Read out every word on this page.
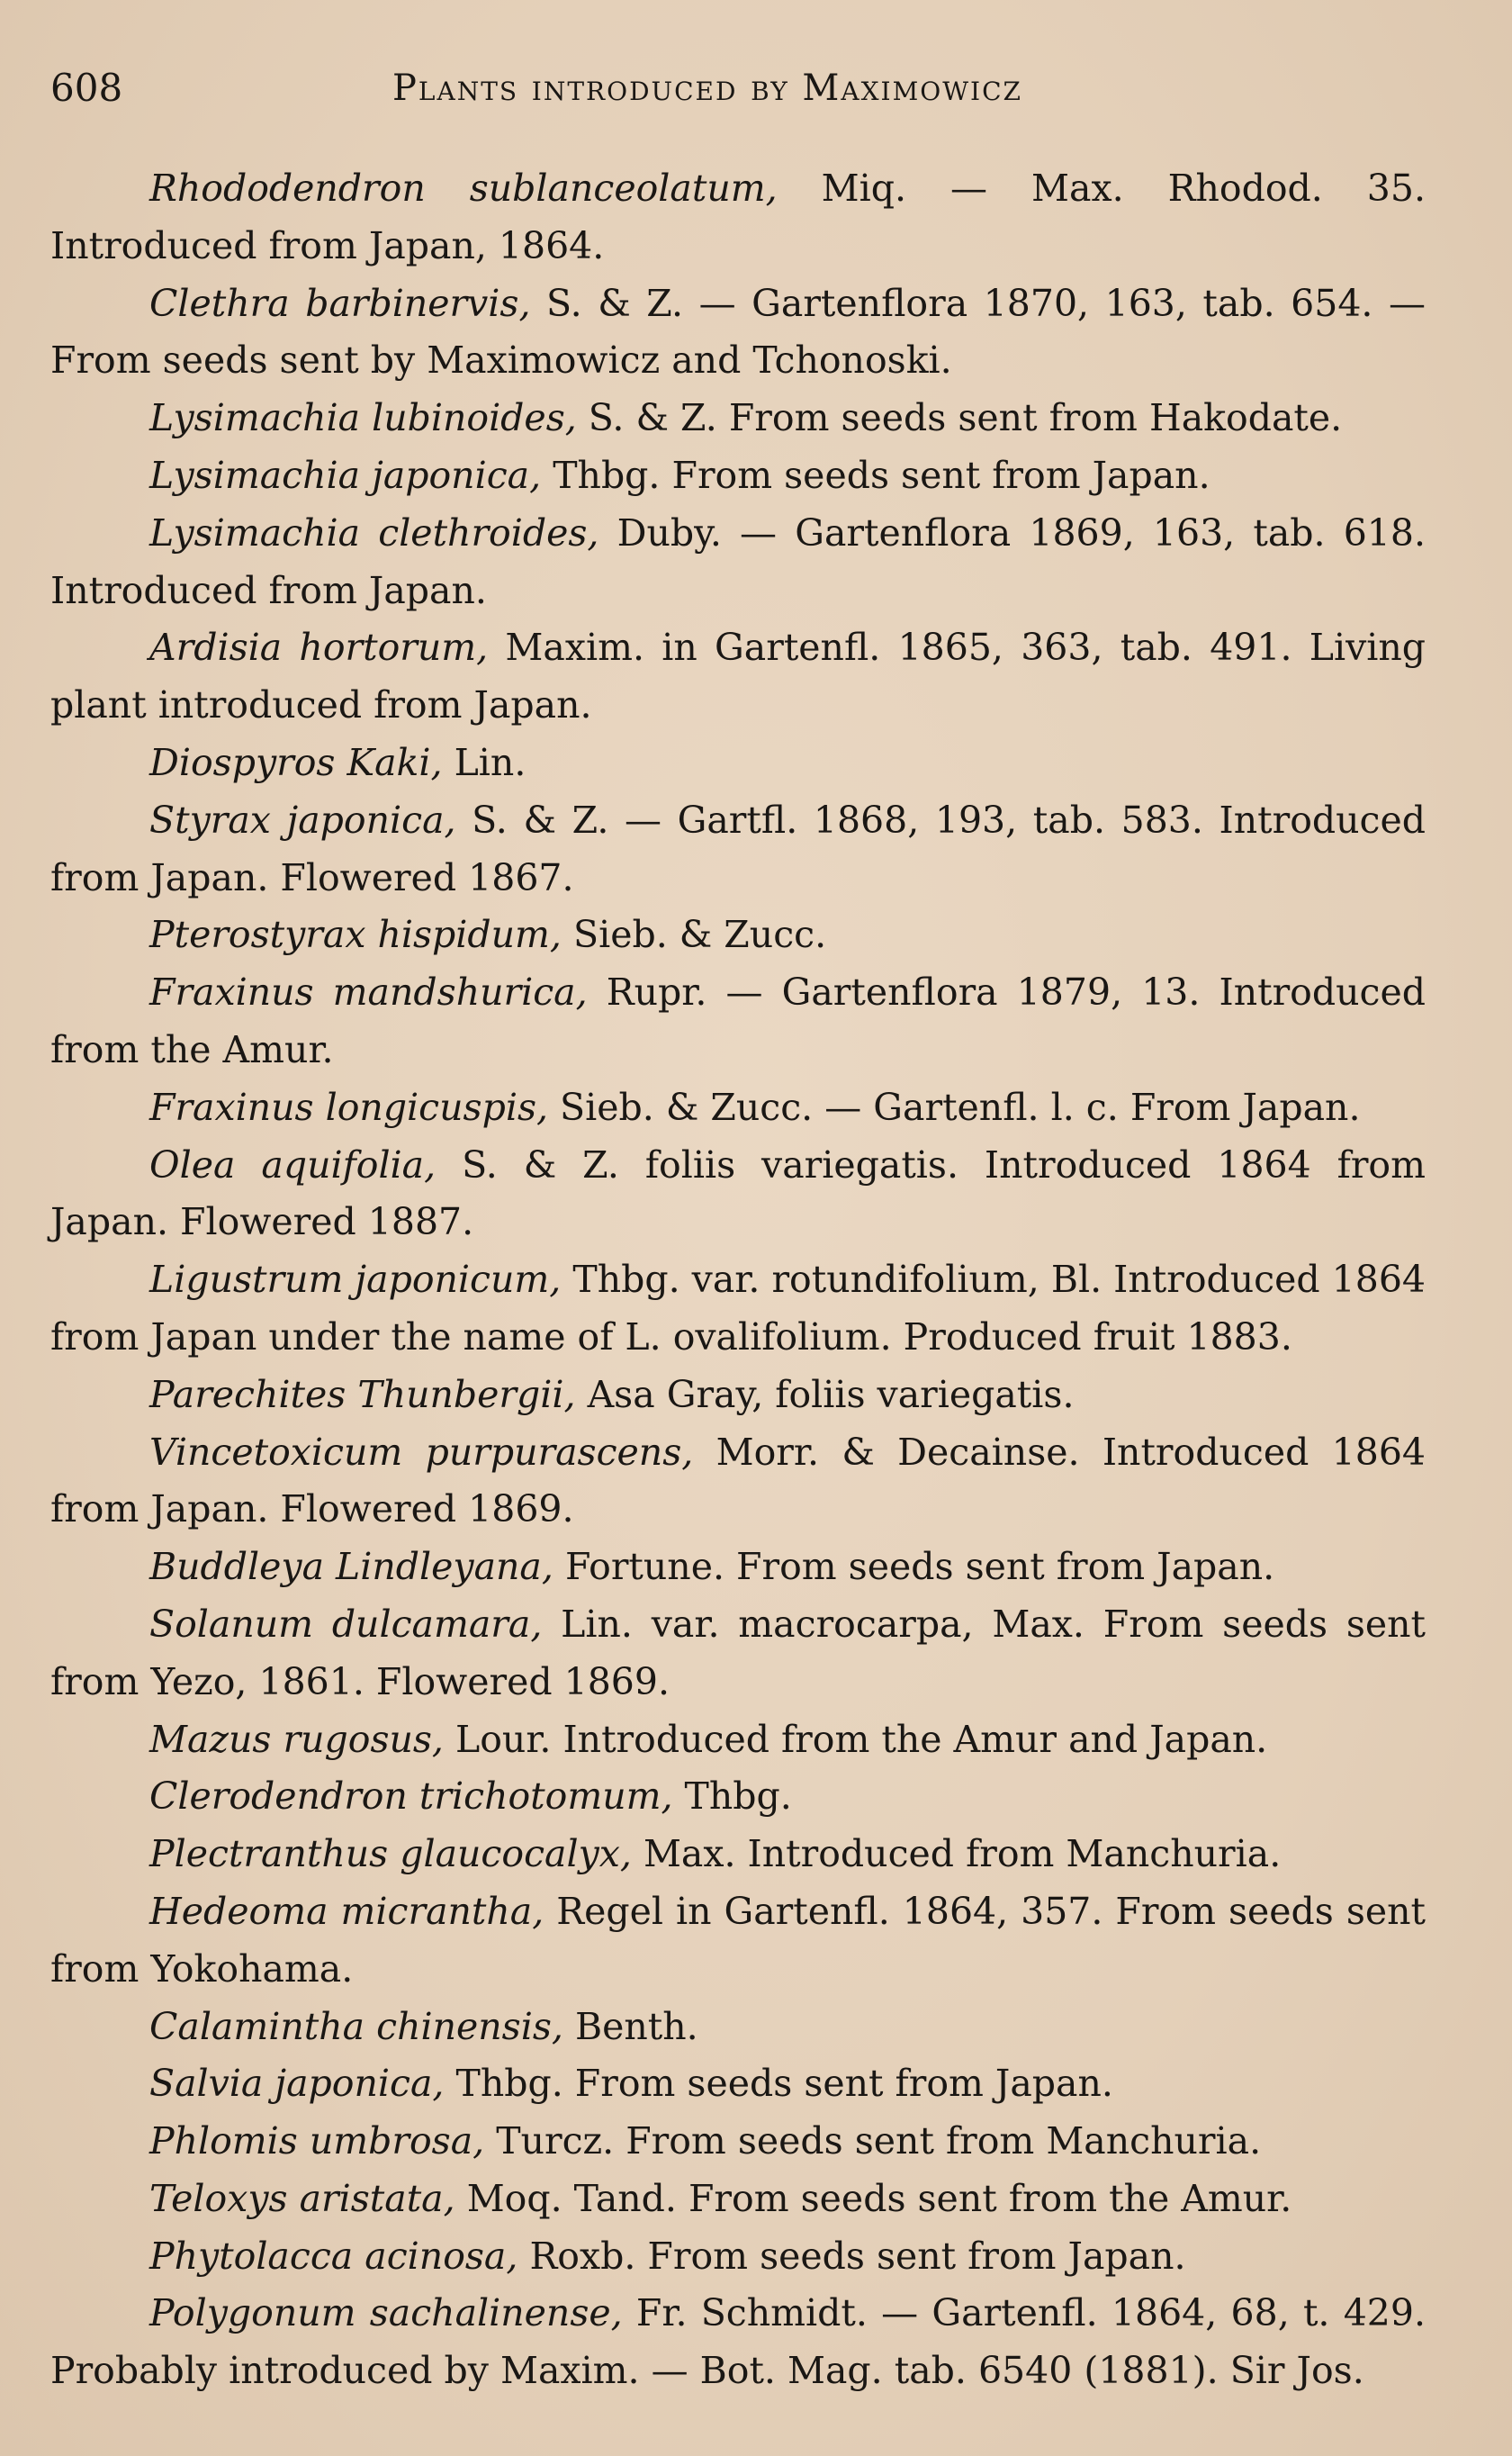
608	Plants introduced by Maximowicz

Rhododendron sublanceolatum, Miq. — Max. Rhodod. 35. Introduced from Japan, 1864.

Clethra barbinervis, S. & Z. — Gartenflora 1870, 163, tab. 654. — From seeds sent by Maximowicz and Tchonoski.

Lysimachia lubinoides, S. & Z. From seeds sent from Hakodate.

Lysimachia japonica, Thbg. From seeds sent from Japan.

Lysimachia clethroides, Duby. — Gartenflora 1869, 163, tab. 618. Introduced from Japan.

Ardisia hortorum, Maxim. in Gartenfl. 1865, 363, tab. 491. Living plant introduced from Japan.

Diospyros Kaki, Lin.

Styrax japonica, S. & Z. — Gartfl. 1868, 193, tab. 583. Introduced from Japan. Flowered 1867.

Pterostyrax hispidum, Sieb. & Zucc.

Fraxinus mandshurica, Rupr. — Gartenflora 1879, 13. Introduced from the Amur.

Fraxinus longicuspis, Sieb. & Zucc. — Gartenfl. l. c. From Japan.

Olea aquifolia, S. & Z. foliis variegatis. Introduced 1864 from Japan. Flowered 1887.

Ligustrum japonicum, Thbg. var. rotundifolium, Bl. Introduced 1864 from Japan under the name of L. ovalifolium. Produced fruit 1883.

Parechites Thunbergii, Asa Gray, foliis variegatis.

Vincetoxicum purpurascens, Morr. & Decainse. Introduced 1864 from Japan. Flowered 1869.

Buddleya Lindleyana, Fortune. From seeds sent from Japan.

Solanum dulcamara, Lin. var. macrocarpa, Max. From seeds sent from Yezo, 1861. Flowered 1869.

Mazus rugosus, Lour. Introduced from the Amur and Japan.

Clerodendron trichotomum, Thbg.

Plectranthus glaucocalyx, Max. Introduced from Manchuria.

Hedeoma micrantha, Regel in Gartenfl. 1864, 357. From seeds sent from Yokohama.

Calamintha chinensis, Benth.

Salvia japonica, Thbg. From seeds sent from Japan.

Phlomis umbrosa, Turcz. From seeds sent from Manchuria.

Teloxys aristata, Moq. Tand. From seeds sent from the Amur.

Phytolacca acinosa, Roxb. From seeds sent from Japan.

Polygonum sachalinense, Fr. Schmidt. — Gartenfl. 1864, 68, t. 429. Probably introduced by Maxim. — Bot. Mag. tab. 6540 (1881). Sir Jos.
